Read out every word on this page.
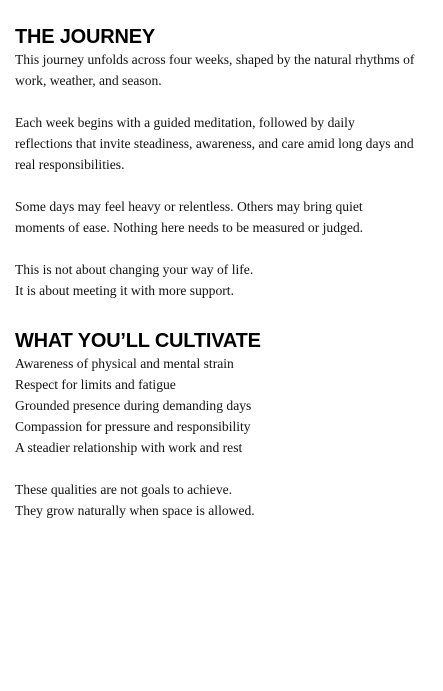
THE JOURNEY

This journey unfolds across four weeks, shaped by the natural rhythms of work, weather, and season.

Each week begins with a guided meditation, followed by daily reflections that invite steadiness, awareness, and care amid long days and real responsibilities.

Some days may feel heavy or relentless. Others may bring quiet moments of ease. Nothing here needs to be measured or judged.

This is not about changing your way of life.
It is about meeting it with more support.

WHAT YOU’LL CULTIVATE

Awareness of physical and mental strain
Respect for limits and fatigue
Grounded presence during demanding days
Compassion for pressure and responsibility
A steadier relationship with work and rest

These qualities are not goals to achieve.
They grow naturally when space is allowed.
